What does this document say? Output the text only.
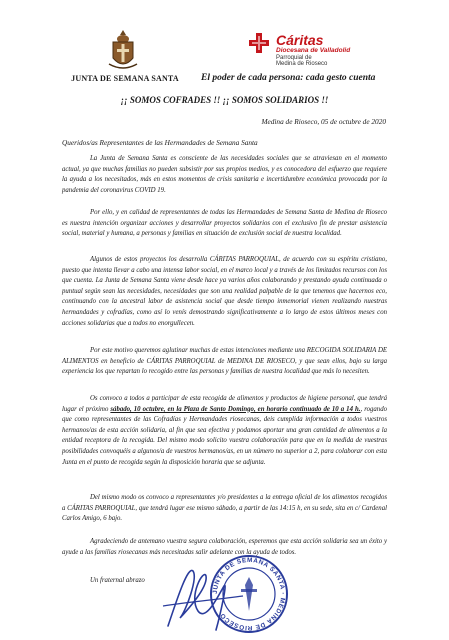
JUNTA DE SEMANA SANTA
Cáritas
Diocesana de Valladolid
Parroquial de
Medina de Rioseco
El poder de cada persona: cada gesto cuenta
¡¡ SOMOS COFRADES !! ¡¡ SOMOS SOLIDARIOS !!
Medina de Rioseco, 05 de octubre de 2020
Queridos/as Representantes de las Hermandades de Semana Santa

La Junta de Semana Santa es consciente de las necesidades sociales que se atraviesan en el momento actual, ya que muchas familias no pueden subsistir por sus propios medios, y es conocedora del esfuerzo que requiere la ayuda a los necesitados, más en estos momentos de crisis sanitaria e incertidumbre económica provocada por la pandemia del coronavirus COVID 19.

Por ello, y en calidad de representantes de todas las Hermandades de Semana Santa de Medina de Rioseco es nuestra intención organizar acciones y desarrollar proyectos solidarios con el exclusivo fin de prestar asistencia social, material y humana, a personas y familias en situación de exclusión social de nuestra localidad.

Algunos de estos proyectos los desarrolla CÁRITAS PARROQUIAL, de acuerdo con su espíritu cristiano, puesto que intenta llevar a cabo una intensa labor social, en el marco local y a través de los limitados recursos con los que cuenta. La Junta de Semana Santa viene desde hace ya varios años colaborando y prestando ayuda continuada o puntual según sean las necesidades, necesidades que son una realidad palpable de la que tenemos que hacernos eco, continuando con la ancestral labor de asistencia social que desde tiempo inmemorial vienen realizando nuestras hermandades y cofradías, como así lo venís demostrando significativamente a lo largo de estos últimos meses con acciones solidarias que a todos no enorgullecen.

Por este motivo queremos aglutinar muchas de estas intenciones mediante una RECOGIDA SOLIDARIA DE ALIMENTOS en beneficio de CÁRITAS PARROQUIAL de MEDINA DE RIOSECO, y que sean ellos, bajo su larga experiencia los que repartan lo recogido entre las personas y familias de nuestra localidad que más lo necesiten.

Os convoco a todos a participar de esta recogida de alimentos y productos de higiene personal, que tendrá lugar el próximo sábado, 10 octubre, en la Plaza de Santo Domingo, en horario continuado de 10 a 14 h., rogando que como representantes de las Cofradías y Hermandades riosecanas, deis cumplida información a todos vuestros hermanos/as de esta acción solidaria, al fin que sea efectiva y podamos aportar una gran cantidad de alimentos a la entidad receptora de la recogida. Del mismo modo solicito vuestra colaboración para que en la medida de vuestras posibilidades convoquéis a algunos/a de vuestros hermanos/as, en un número no superior a 2, para colaborar con esta Junta en el punto de recogida según la disposición horaria que se adjunta.

Del mismo modo os convoco a representantes y/o presidentes a la entrega oficial de los alimentos recogidos a CÁRITAS PARROQUIAL, que tendrá lugar ese mismo sábado, a partir de las 14:15 h, en su sede, sita en c/ Cardenal Carlos Amigo, 6 bajo.

Agradeciendo de antemano vuestra segura colaboración, esperemos que esta acción solidaria sea un éxito y ayude a las familias riosecanas más necesitadas salir adelante con la ayuda de todos.

Un fraternal abrazo
JUNTA DE SEMANA SANTA · MEDINA DE RIOSECO
